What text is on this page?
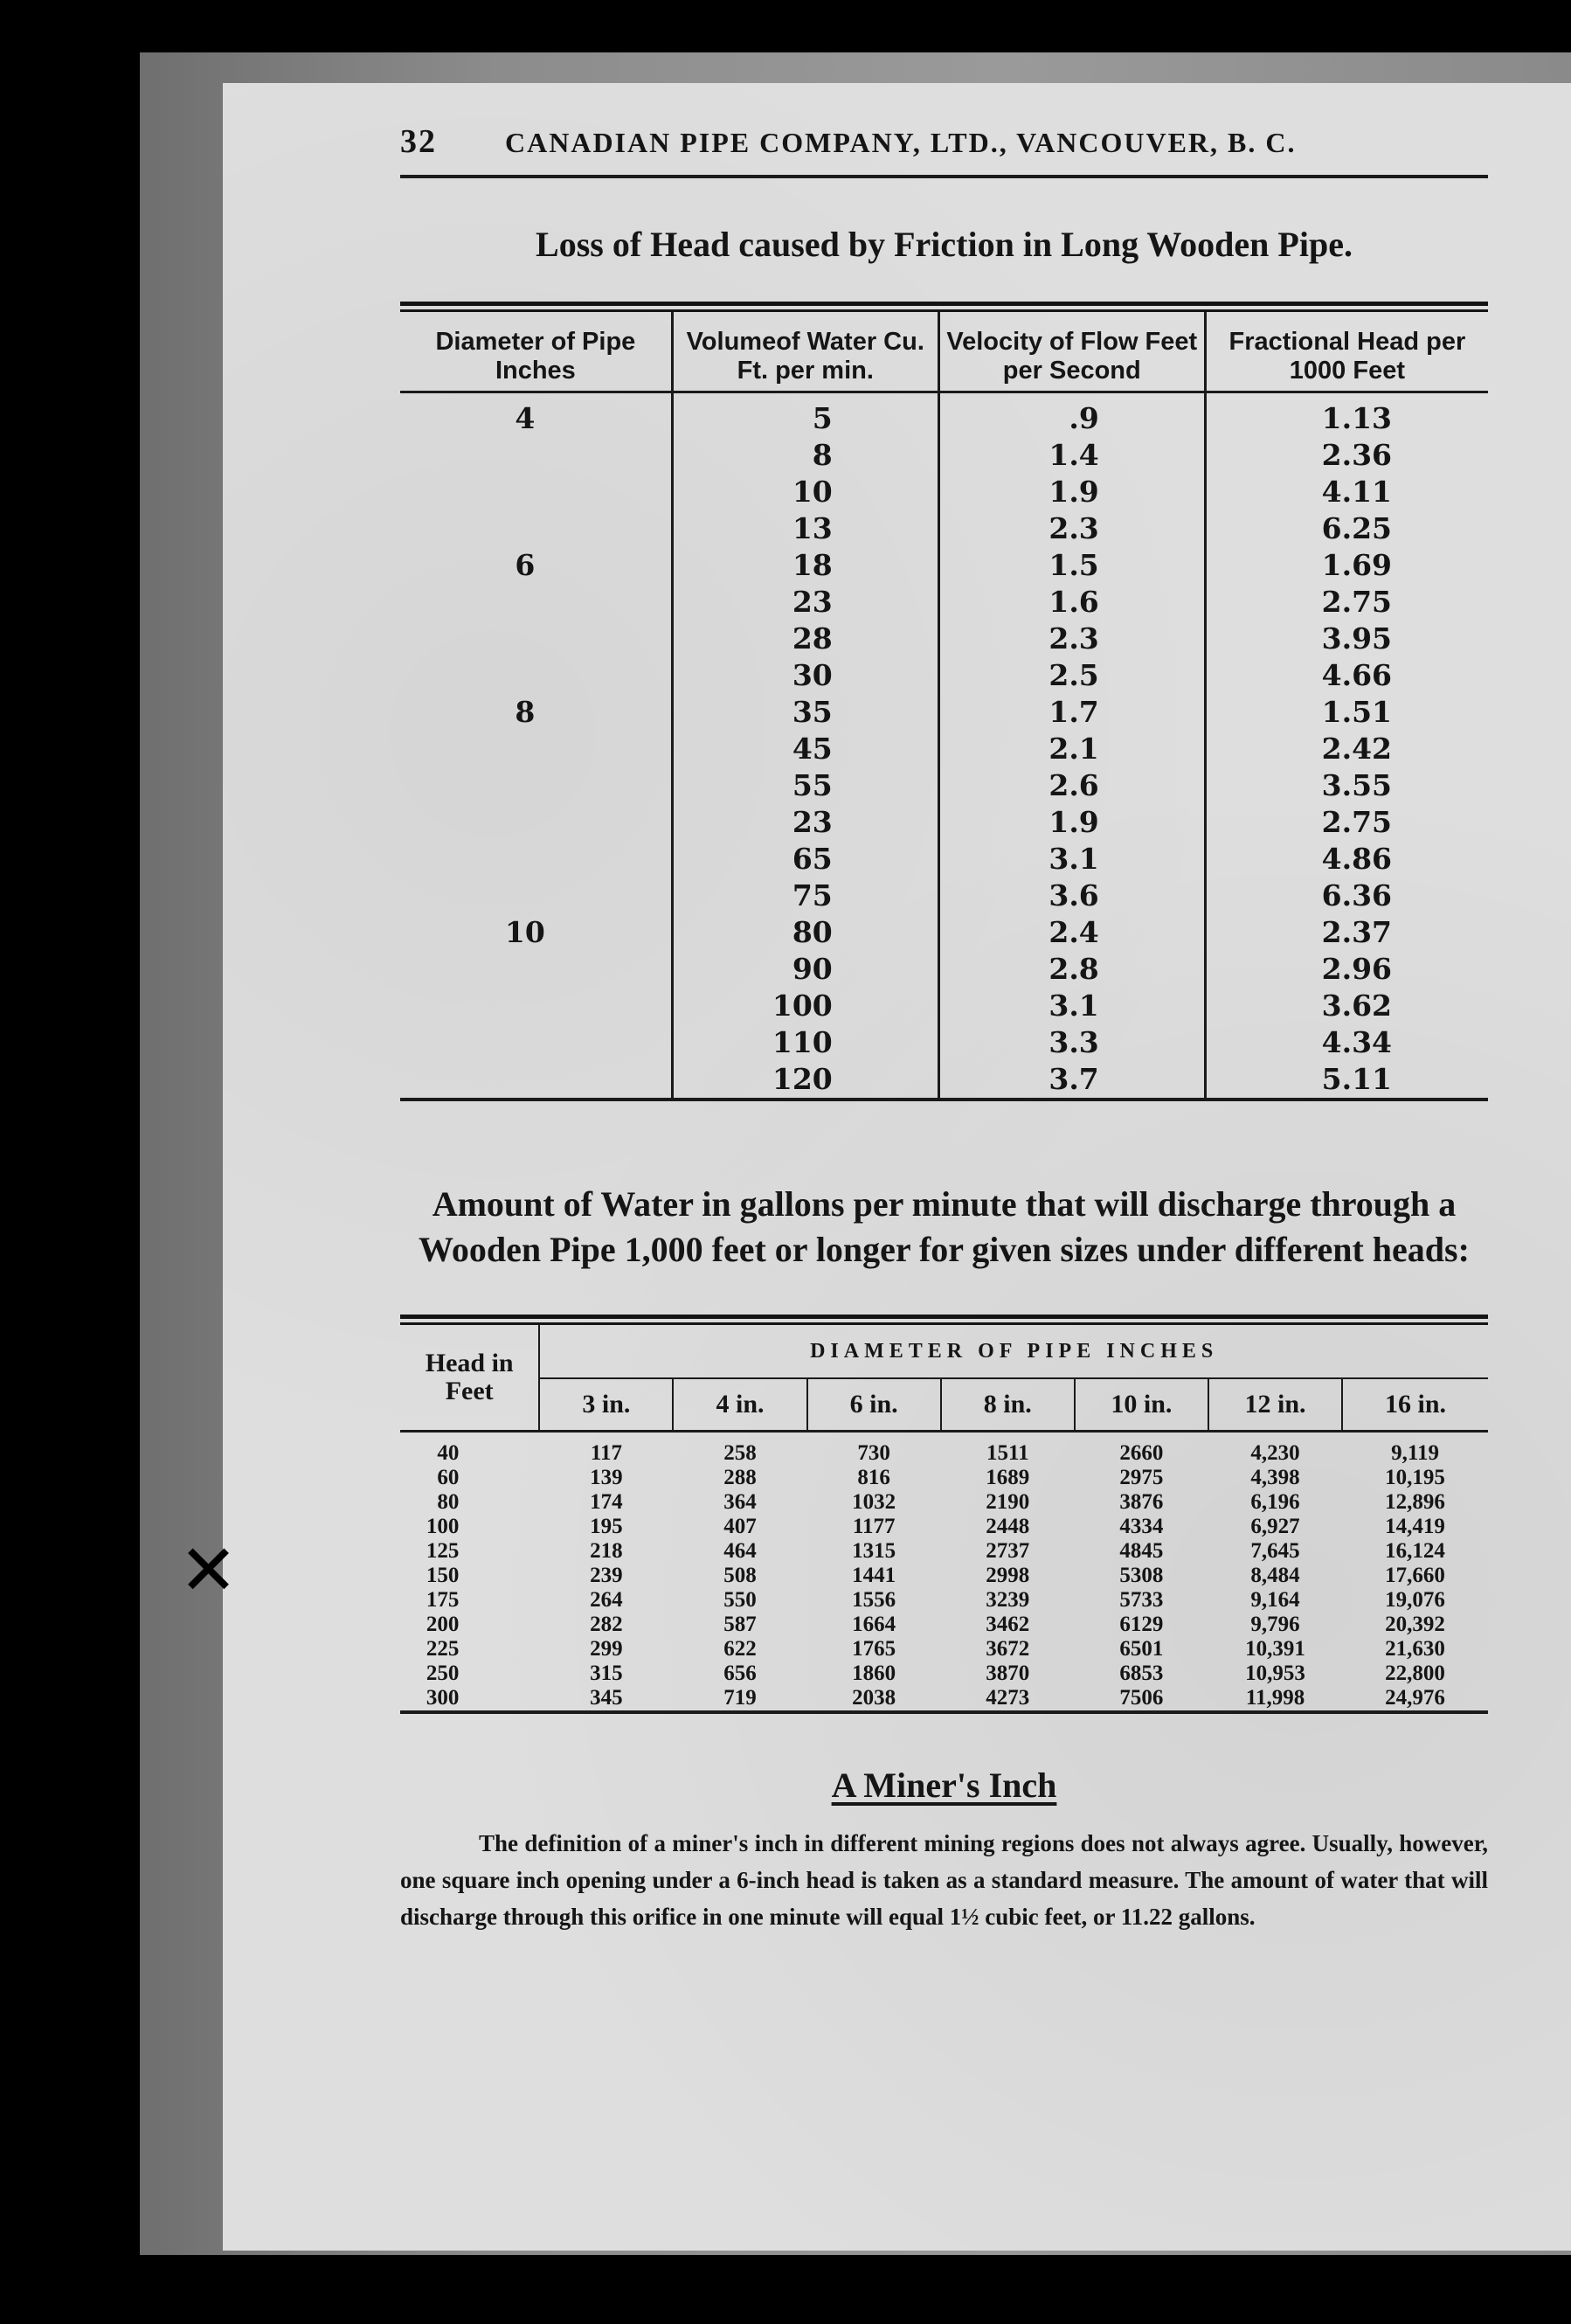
✕
32	CANADIAN PIPE COMPANY, LTD., VANCOUVER, B. C.
Loss of Head caused by Friction in Long Wooden Pipe.
Diameter of Pipe Inches	Volumeof Water Cu. Ft. per min.	Velocity of Flow Feet per Second	Fractional Head per 1000 Feet
4	5	.9	1.13
	8	1.4	2.36
	10	1.9	4.11
	13	2.3	6.25
6	18	1.5	1.69
	23	1.6	2.75
	28	2.3	3.95
	30	2.5	4.66
8	35	1.7	1.51
	45	2.1	2.42
	55	2.6	3.55
	23	1.9	2.75
	65	3.1	4.86
	75	3.6	6.36
10	80	2.4	2.37
	90	2.8	2.96
	100	3.1	3.62
	110	3.3	4.34
	120	3.7	5.11
Amount of Water in gallons per minute that will discharge through a Wooden Pipe 1,000 feet or longer for given sizes under different heads:
Head in Feet	DIAMETER OF PIPE INCHES						
	3 in.	4 in.	6 in.	8 in.	10 in.	12 in.	16 in.
40	117	258	730	1511	2660	4,230	9,119
60	139	288	816	1689	2975	4,398	10,195
80	174	364	1032	2190	3876	6,196	12,896
100	195	407	1177	2448	4334	6,927	14,419
125	218	464	1315	2737	4845	7,645	16,124
150	239	508	1441	2998	5308	8,484	17,660
175	264	550	1556	3239	5733	9,164	19,076
200	282	587	1664	3462	6129	9,796	20,392
225	299	622	1765	3672	6501	10,391	21,630
250	315	656	1860	3870	6853	10,953	22,800
300	345	719	2038	4273	7506	11,998	24,976
A Miner's Inch
The definition of a miner's inch in different mining regions does not always agree. Usually, however, one square inch opening under a 6-inch head is taken as a standard measure. The amount of water that will discharge through this orifice in one minute will equal 1½ cubic feet, or 11.22 gallons.
